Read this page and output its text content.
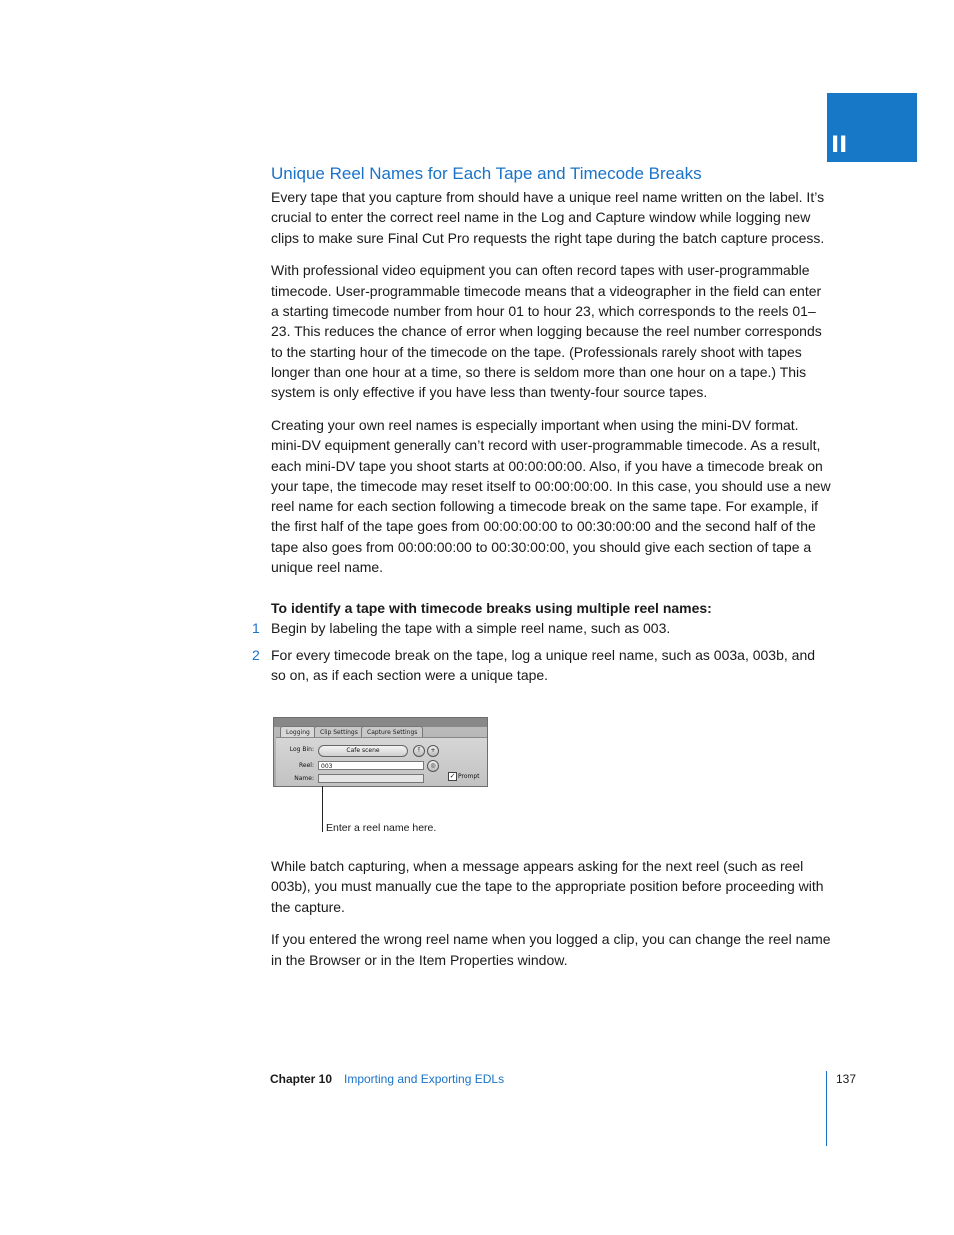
II
Unique Reel Names for Each Tape and Timecode Breaks

Every tape that you capture from should have a unique reel name written on the label. It’s crucial to enter the correct reel name in the Log and Capture window while logging new clips to make sure Final Cut Pro requests the right tape during the batch capture process.

With professional video equipment you can often record tapes with user-programmable timecode. User-programmable timecode means that a videographer in the field can enter a starting timecode number from hour 01 to hour 23, which corresponds to the reels 01–23. This reduces the chance of error when logging because the reel number corresponds to the starting hour of the timecode on the tape. (Professionals rarely shoot with tapes longer than one hour at a time, so there is seldom more than one hour on a tape.) This system is only effective if you have less than twenty-four source tapes.

Creating your own reel names is especially important when using the mini-DV format. mini-DV equipment generally can’t record with user-programmable timecode. As a result, each mini-DV tape you shoot starts at 00:00:00:00. Also, if you have a timecode break on your tape, the timecode may reset itself to 00:00:00:00. In this case, you should use a new reel name for each section following a timecode break on the same tape. For example, if the first half of the tape goes from 00:00:00:00 to 00:30:00:00 and the second half of the tape also goes from 00:00:00:00 to 00:30:00:00, you should give each section of tape a unique reel name.

To identify a tape with timecode breaks using multiple reel names:

1 Begin by labeling the tape with a simple reel name, such as 003.
2 For every timecode break on the tape, log a unique reel name, such as 003a, 003b, and so on, as if each section were a unique tape.
Logging	Clip Settings	Capture Settings
Log Bin:	Cafe scene	⤒	+
Reel:	003	◎
Name:	✓ Prompt
Enter a reel name here.

While batch capturing, when a message appears asking for the next reel (such as reel 003b), you must manually cue the tape to the appropriate position before proceeding with the capture.

If you entered the wrong reel name when you logged a clip, you can change the reel name in the Browser or in the Item Properties window.

Chapter 10 Importing and Exporting EDLs	137
